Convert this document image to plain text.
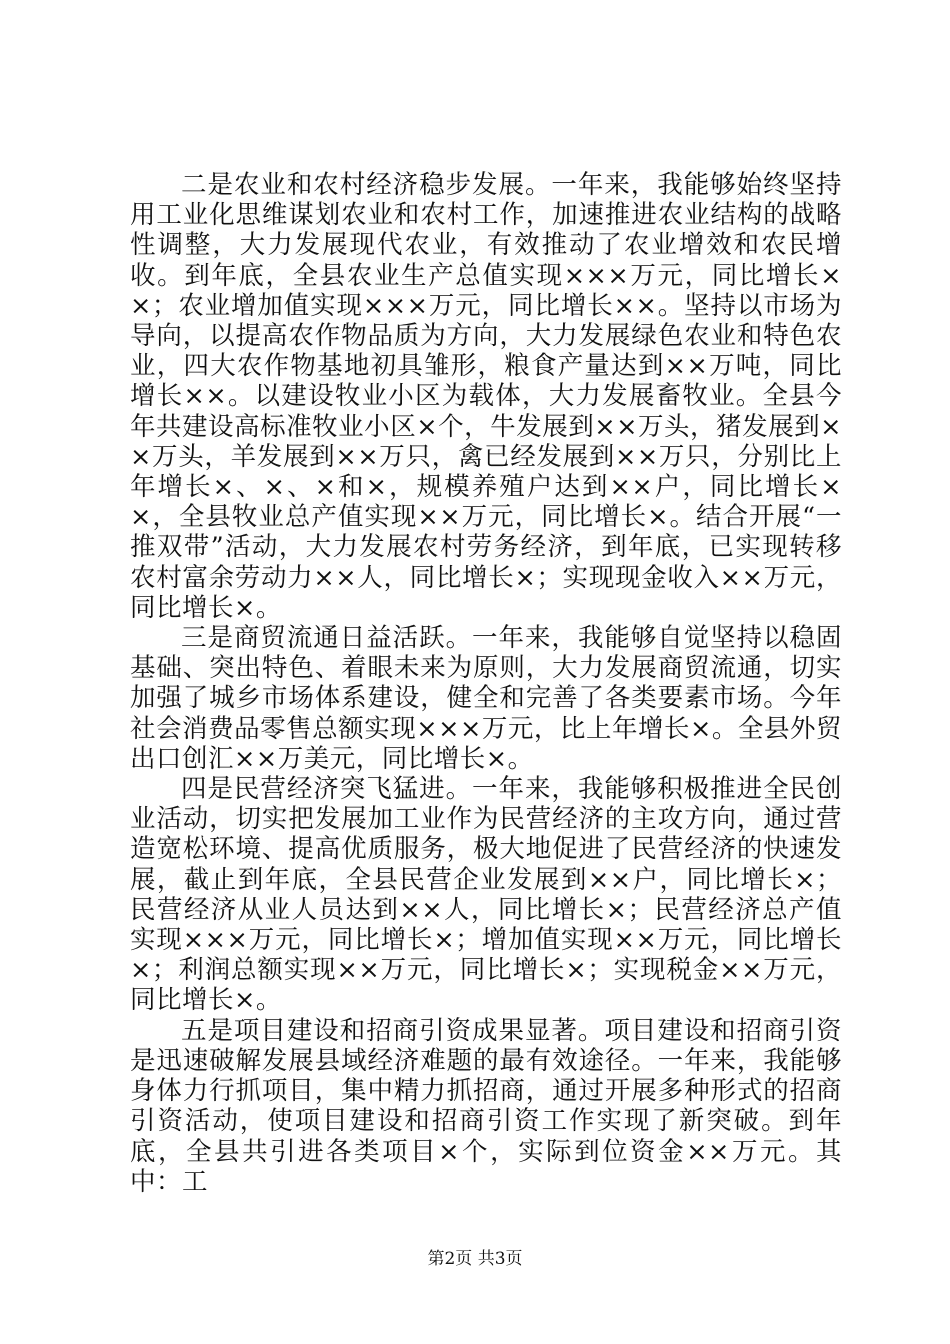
二是农业和农村经济稳步发展。一年来，我能够始终坚持用工业化思维谋划农业和农村工作，加速推进农业结构的战略性调整，大力发展现代农业，有效推动了农业增效和农民增收。到年底，全县农业生产总值实现×××万元，同比增长××；农业增加值实现×××万元，同比增长××。坚持以市场为导向，以提高农作物品质为方向，大力发展绿色农业和特色农业，四大农作物基地初具雏形，粮食产量达到××万吨，同比增长××。以建设牧业小区为载体，大力发展畜牧业。全县今年共建设高标准牧业小区×个，牛发展到××万头，猪发展到××万头，羊发展到××万只，禽已经发展到××万只，分别比上年增长×、×、×和×，规模养殖户达到××户，同比增长××，全县牧业总产值实现××万元，同比增长×。结合开展“一推双带”活动，大力发展农村劳务经济，到年底，已实现转移农村富余劳动力××人，同比增长×；实现现金收入××万元，同比增长×。

三是商贸流通日益活跃。一年来，我能够自觉坚持以稳固基础、突出特色、着眼未来为原则，大力发展商贸流通，切实加强了城乡市场体系建设，健全和完善了各类要素市场。今年社会消费品零售总额实现×××万元，比上年增长×。全县外贸出口创汇××万美元，同比增长×。

四是民营经济突飞猛进。一年来，我能够积极推进全民创业活动，切实把发展加工业作为民营经济的主攻方向，通过营造宽松环境、提高优质服务，极大地促进了民营经济的快速发展，截止到年底，全县民营企业发展到××户，同比增长×；民营经济从业人员达到××人，同比增长×；民营经济总产值实现×××万元，同比增长×；增加值实现××万元，同比增长×；利润总额实现××万元，同比增长×；实现税金××万元，同比增长×。

五是项目建设和招商引资成果显著。项目建设和招商引资是迅速破解发展县域经济难题的最有效途径。一年来，我能够身体力行抓项目，集中精力抓招商，通过开展多种形式的招商引资活动，使项目建设和招商引资工作实现了新突破。到年底，全县共引进各类项目×个，实际到位资金××万元。其中：工

第2页 共3页
